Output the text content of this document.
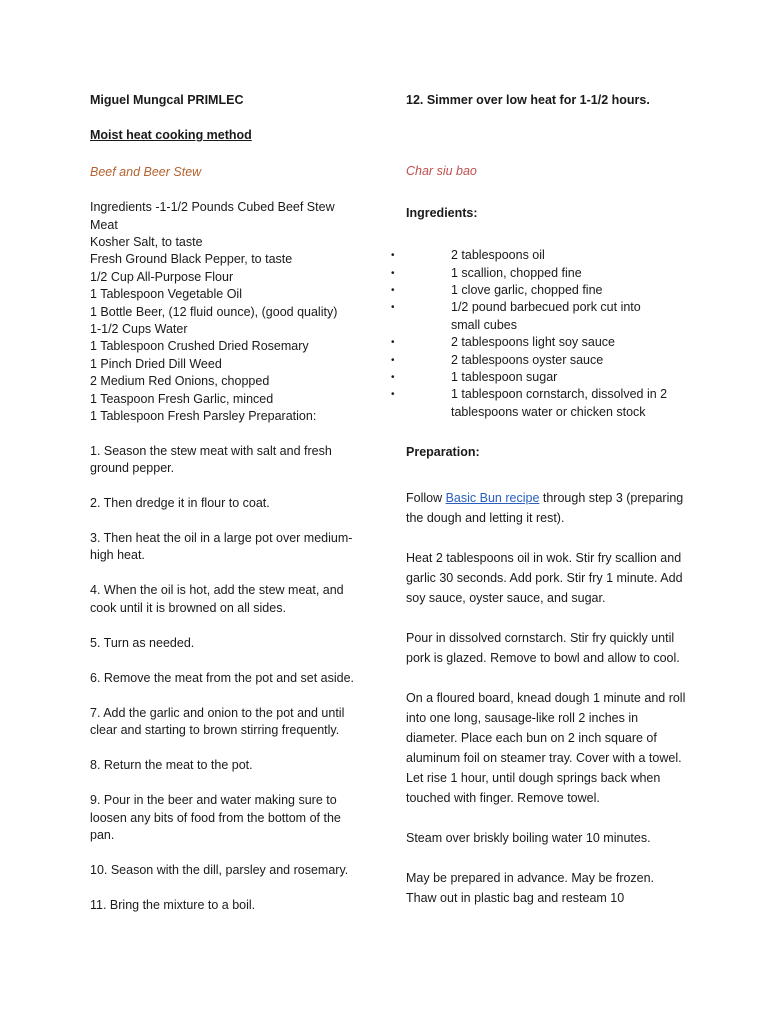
Miguel Mungcal PRIMLEC
Moist heat cooking method
Beef and Beer Stew
Ingredients -1-1/2 Pounds Cubed Beef Stew Meat
Kosher Salt, to taste
Fresh Ground Black Pepper, to taste
1/2 Cup All-Purpose Flour
1 Tablespoon Vegetable Oil
1 Bottle Beer, (12 fluid ounce), (good quality)
1-1/2 Cups Water
1 Tablespoon Crushed Dried Rosemary
1 Pinch Dried Dill Weed
2 Medium Red Onions, chopped
1 Teaspoon Fresh Garlic, minced
1 Tablespoon Fresh Parsley Preparation:

1. Season the stew meat with salt and fresh ground pepper.

2. Then dredge it in flour to coat.

3. Then heat the oil in a large pot over medium-high heat.

4. When the oil is hot, add the stew meat, and cook until it is browned on all sides.

5. Turn as needed.

6. Remove the meat from the pot and set aside.

7. Add the garlic and onion to the pot and until clear and starting to brown stirring frequently.

8. Return the meat to the pot.

9. Pour in the beer and water making sure to loosen any bits of food from the bottom of the pan.

10. Season with the dill, parsley and rosemary.

11. Bring the mixture to a boil.

12. Simmer over low heat for 1-1/2 hours.
Char siu bao
Ingredients:
•	2 tablespoons oil
•	1 scallion, chopped fine
•	1 clove garlic, chopped fine
•	1/2 pound barbecued pork cut into small cubes
•	2 tablespoons light soy sauce
•	2 tablespoons oyster sauce
•	1 tablespoon sugar
•	1 tablespoon cornstarch, dissolved in 2 tablespoons water or chicken stock
Preparation:

Follow Basic Bun recipe through step 3 (preparing the dough and letting it rest).

Heat 2 tablespoons oil in wok. Stir fry scallion and garlic 30 seconds. Add pork. Stir fry 1 minute. Add soy sauce, oyster sauce, and sugar.

Pour in dissolved cornstarch. Stir fry quickly until pork is glazed. Remove to bowl and allow to cool.

On a floured board, knead dough 1 minute and roll into one long, sausage-like roll 2 inches in diameter. Place each bun on 2 inch square of aluminum foil on steamer tray. Cover with a towel. Let rise 1 hour, until dough springs back when touched with finger. Remove towel.

Steam over briskly boiling water 10 minutes.

May be prepared in advance. May be frozen. Thaw out in plastic bag and resteam 10
